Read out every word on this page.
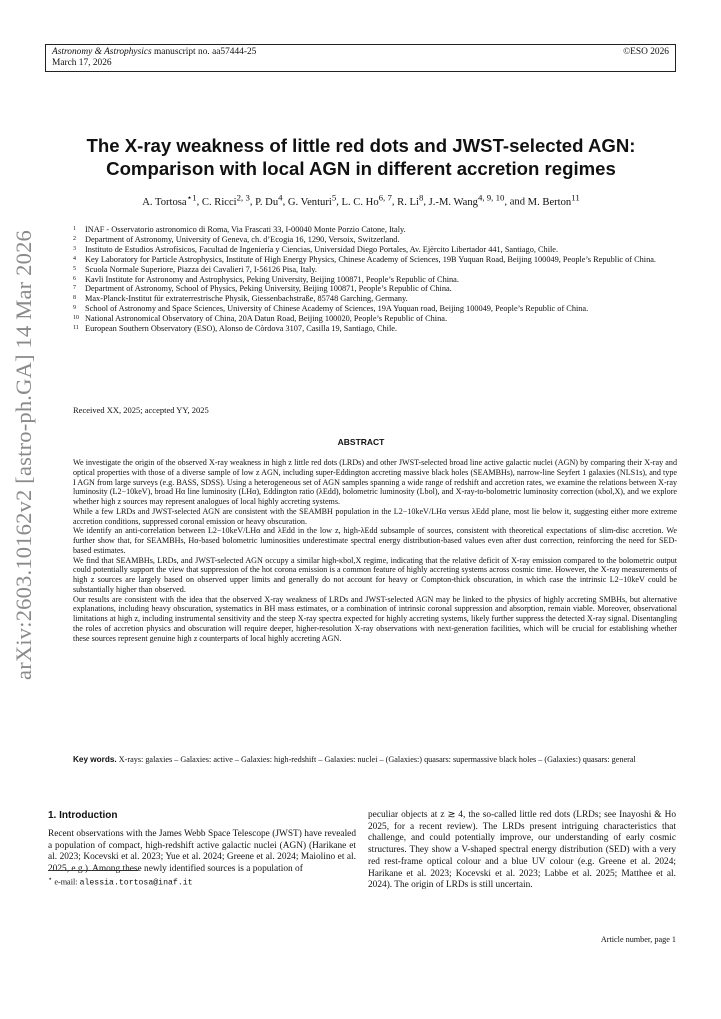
Astronomy & Astrophysics manuscript no. aa57444-25
March 17, 2026
©ESO 2026
arXiv:2603.10162v2 [astro-ph.GA] 14 Mar 2026
The X-ray weakness of little red dots and JWST-selected AGN:
Comparison with local AGN in different accretion regimes
A. Tortosa$^{⋆1}$, C. Ricci$^{2, 3}$, P. Du$^4$, G. Venturi$^5$, L. C. Ho$^{6, 7}$, R. Li$^8$, J.-M. Wang$^{4, 9, 10}$, and M. Berton$^{11}$
1	INAF - Osservatorio astronomico di Roma, Via Frascati 33, I-00040 Monte Porzio Catone, Italy.
2	Department of Astronomy, University of Geneva, ch. d’Ecogia 16, 1290, Versoix, Switzerland.
3	Instituto de Estudios Astrofísicos, Facultad de Ingeniería y Ciencias, Universidad Diego Portales, Av. Ejèrcito Libertador 441, Santiago, Chile.
4	Key Laboratory for Particle Astrophysics, Institute of High Energy Physics, Chinese Academy of Sciences, 19B Yuquan Road, Beijing 100049, People’s Republic of China.
5	Scuola Normale Superiore, Piazza dei Cavalieri 7, I-56126 Pisa, Italy.
6	Kavli Institute for Astronomy and Astrophysics, Peking University, Beijing 100871, People’s Republic of China.
7	Department of Astronomy, School of Physics, Peking University, Beijing 100871, People’s Republic of China.
8	Max-Planck-Institut für extraterrestrische Physik, Giessenbachstraße, 85748 Garching, Germany.
9	School of Astronomy and Space Sciences, University of Chinese Academy of Sciences, 19A Yuquan road, Beijing 100049, People’s Republic of China.
10 National Astronomical Observatory of China, 20A Datun Road, Beijing 100020, People’s Republic of China.
11 European Southern Observatory (ESO), Alonso de Còrdova 3107, Casilla 19, Santiago, Chile.
Received XX, 2025; accepted YY, 2025
ABSTRACT

We investigate the origin of the observed X-ray weakness in high z little red dots (LRDs) and other JWST-selected broad line active galactic nuclei (AGN) by comparing their X-ray and optical properties with those of a diverse sample of low z AGN, including super-Eddington accreting massive black holes (SEAMBHs), narrow-line Seyfert 1 galaxies (NLS1s), and type I AGN from large surveys (e.g. BASS, SDSS). Using a heterogeneous set of AGN samples spanning a wide range of redshift and accretion rates, we examine the relations between X-ray luminosity (L2−10keV), broad Hα line luminosity (LHα), Eddington ratio (λEdd), bolometric luminosity (Lbol), and X-ray-to-bolometric luminosity correction (κbol,X), and we explore whether high z sources may represent analogues of local highly accreting systems.

While a few LRDs and JWST-selected AGN are consistent with the SEAMBH population in the L2−10keV/LHα versus λEdd plane, most lie below it, suggesting either more extreme accretion conditions, suppressed coronal emission or heavy obscuration.

We identify an anti-correlation between L2−10keV/LHα and λEdd in the low z, high-λEdd subsample of sources, consistent with theoretical expectations of slim-disc accretion. We further show that, for SEAMBHs, Hα-based bolometric luminosities underestimate spectral energy distribution-based values even after dust correction, reinforcing the need for SED-based estimates.

We find that SEAMBHs, LRDs, and JWST-selected AGN occupy a similar high-κbol,X regime, indicating that the relative deficit of X-ray emission compared to the bolometric output could potentially support the view that suppression of the hot corona emission is a common feature of highly accreting systems across cosmic time. However, the X-ray measurements of high z sources are largely based on observed upper limits and generally do not account for heavy or Compton-thick obscuration, in which case the intrinsic L2−10keV could be substantially higher than observed.

Our results are consistent with the idea that the observed X-ray weakness of LRDs and JWST-selected AGN may be linked to the physics of highly accreting SMBHs, but alternative explanations, including heavy obscuration, systematics in BH mass estimates, or a combination of intrinsic coronal suppression and absorption, remain viable. Moreover, observational limitations at high z, including instrumental sensitivity and the steep X-ray spectra expected for highly accreting systems, likely further suppress the detected X-ray signal. Disentangling the roles of accretion physics and obscuration will require deeper, higher-resolution X-ray observations with next-generation facilities, which will be crucial for establishing whether these sources represent genuine high z counterparts of local highly accreting AGN.

Key words. X-rays: galaxies – Galaxies: active – Galaxies: high-redshift – Galaxies: nuclei – (Galaxies:) quasars: supermassive black holes – (Galaxies:) quasars: general
1. Introduction

Recent observations with the James Webb Space Telescope (JWST) have revealed a population of compact, high-redshift active galactic nuclei (AGN) (Harikane et al. 2023; Kocevski et al. 2023; Yue et al. 2024; Greene et al. 2024; Maiolino et al. 2025, e.g.). Among these newly identified sources is a population of

peculiar objects at z ≳ 4, the so-called little red dots (LRDs; see Inayoshi & Ho 2025, for a recent review). The LRDs present intriguing characteristics that challenge, and could potentially improve, our understanding of early cosmic structures. They show a V-shaped spectral energy distribution (SED) with a very red rest-frame optical colour and a blue UV colour (e.g. Greene et al. 2024; Harikane et al. 2023; Kocevski et al. 2023; Labbe et al. 2025; Matthee et al. 2024). The origin of LRDs is still uncertain.

⋆ e-mail: alessia.tortosa@inaf.it
Article number, page 1
